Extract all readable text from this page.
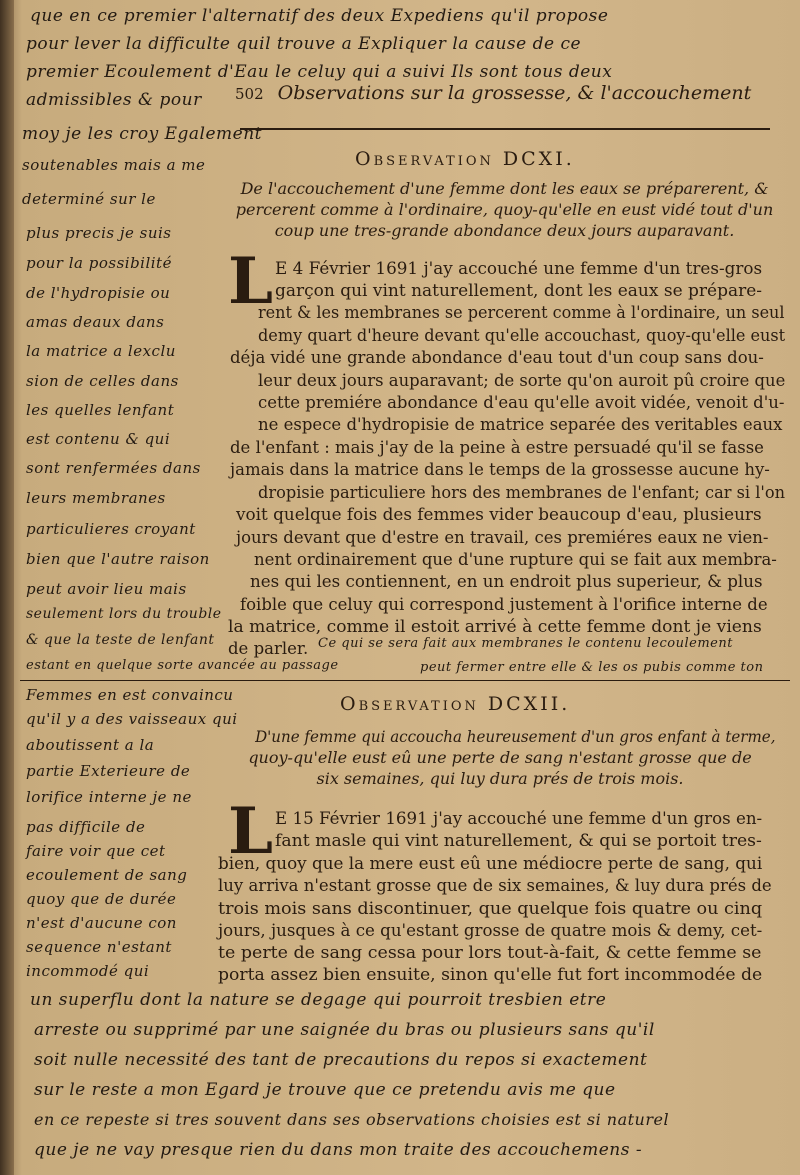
que en ce premier l'alternatif des deux Expediens qu'il propose
pour lever la difficulte quil trouve a Expliquer la cause de ce
premier Ecoulement d'Eau le celuy qui a suivi Ils sont tous deux
admissibles & pour
moy je les croy Egalement
502 Observations sur la grossesse, & l'accouchement
Observation DCXI.
De l'accouchement d'une femme dont les eaux se préparerent, &
percerent comme à l'ordinaire, quoy-qu'elle en eust vidé tout d'un
coup une tres-grande abondance deux jours auparavant.
L E 4 Février 1691 j'ay accouché une femme d'un tres-gros
garçon qui vint naturellement, dont les eaux se prépare-
rent & les membranes se percerent comme à l'ordinaire, un seul
demy quart d'heure devant qu'elle accouchast, quoy-qu'elle eust
déja vidé une grande abondance d'eau tout d'un coup sans dou-
leur deux jours auparavant; de sorte qu'on auroit pû croire que
cette premiére abondance d'eau qu'elle avoit vidée, venoit d'u-
ne espece d'hydropisie de matrice separée des veritables eaux
de l'enfant : mais j'ay de la peine à estre persuadé qu'il se fasse
jamais dans la matrice dans le temps de la grossesse aucune hy-
dropisie particuliere hors des membranes de l'enfant; car si l'on
voit quelque fois des femmes vider beaucoup d'eau, plusieurs
jours devant que d'estre en travail, ces premiéres eaux ne vien-
nent ordinairement que d'une rupture qui se fait aux membra-
nes qui les contiennent, en un endroit plus superieur, & plus
foible que celuy qui correspond justement à l'orifice interne de
la matrice, comme il estoit arrivé à cette femme dont je viens
de parler. Ce qui se sera fait aux membranes le contenu lecoulement
peut fermer entre elle & les os pubis comme ton
soutenables mais a me
determiné sur le
plus precis je suis
pour la possibilité
de l'hydropisie ou
amas deaux dans
la matrice a lexclu
sion de celles dans
les quelles lenfant
est contenu & qui
sont renfermées dans
leurs membranes
particulieres croyant
bien que l'autre raison
peut avoir lieu mais
seulement lors du trouble
& que la teste de lenfant
estant en quelque sorte avancée au passage
Femmes en est convaincu
qu'il y a des vaisseaux qui
aboutissent a la
partie Exterieure de
lorifice interne je ne
Observation DCXII.
D'une femme qui accoucha heureusement d'un gros enfant à terme,
quoy-qu'elle eust eû une perte de sang n'estant grosse que de
six semaines, qui luy dura prés de trois mois.
L E 15 Février 1691 j'ay accouché une femme d'un gros en-
fant masle qui vint naturellement, & qui se portoit tres-
bien, quoy que la mere eust eû une médiocre perte de sang, qui
luy arriva n'estant grosse que de six semaines, & luy dura prés de
trois mois sans discontinuer, que quelque fois quatre ou cinq
jours, jusques à ce qu'estant grosse de quatre mois & demy, cet-
te perte de sang cessa pour lors tout-à-fait, & cette femme se
porta assez bien ensuite, sinon qu'elle fut fort incommodée de
pas difficile de
faire voir que cet
ecoulement de sang
quoy que de durée
n'est d'aucune con
sequence n'estant
incommodé qui
un superflu dont la nature se degage qui pourroit tresbien etre
arreste ou supprimé par une saignée du bras ou plusieurs sans qu'il
soit nulle necessité des tant de precautions du repos si exactement
sur le reste a mon Egard je trouve que ce pretendu avis me que
en ce repeste si tres souvent dans ses observations choisies est si naturel
que je ne vay presque rien du dans mon traite des accouchemens -
